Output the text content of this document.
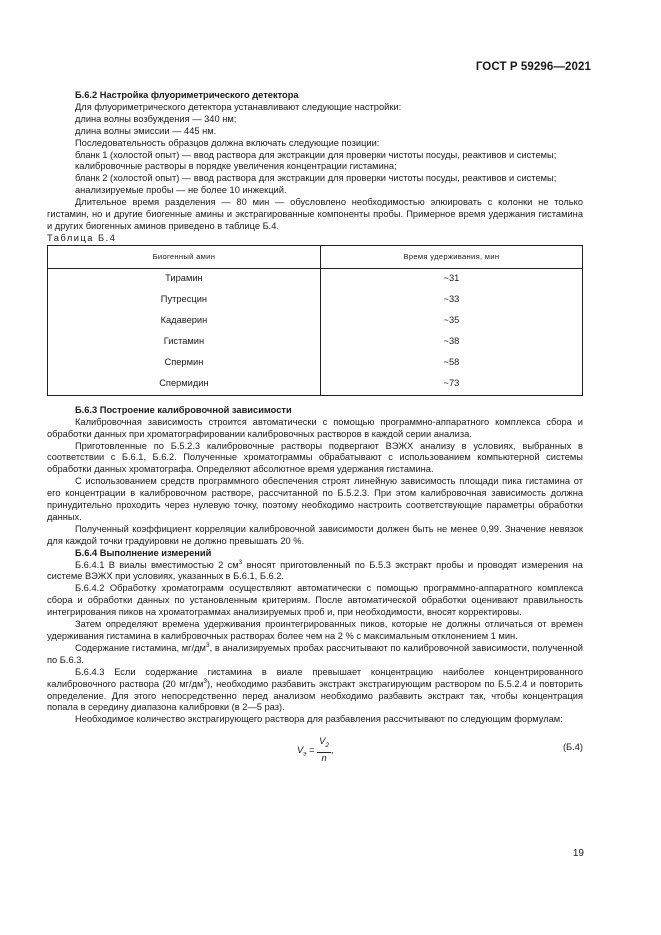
ГОСТ Р 59296—2021

Б.6.2 Настройка флуориметрического детектора

Для флуориметрического детектора устанавливают следующие настройки:

длина волны возбуждения — 340 нм;

длина волны эмиссии — 445 нм.

Последовательность образцов должна включать следующие позиции:

бланк 1 (холостой опыт) — ввод раствора для экстракции для проверки чистоты посуды, реактивов и системы;

калибровочные растворы в порядке увеличения концентрации гистамина;

бланк 2 (холостой опыт) — ввод раствора для экстракции для проверки чистоты посуды, реактивов и системы;

анализируемые пробы — не более 10 инжекций.

Длительное время разделения — 80 мин — обусловлено необходимостью элюировать с колонки не только гистамин, но и другие биогенные амины и экстрагированные компоненты пробы. Примерное время удержания гистамина и других биогенных аминов приведено в таблице Б.4.

Таблица Б.4

Биогенный амин	Время удерживания, мин
Тирамин	~31
Путресцин	~33
Кадаверин	~35
Гистамин	~38
Спермин	~58
Спермидин	~73

Б.6.3 Построение калибровочной зависимости

Калибровочная зависимость строится автоматически с помощью программно-аппаратного комплекса сбора и обработки данных при хроматографировании калибровочных растворов в каждой серии анализа.

Приготовленные по Б.5.2.3 калибровочные растворы подвергают ВЭЖХ анализу в условиях, выбранных в соответствии с Б.6.1, Б.6.2. Полученные хроматограммы обрабатывают с использованием компьютерной системы обработки данных хроматографа. Определяют абсолютное время удержания гистамина.

С использованием средств программного обеспечения строят линейную зависимость площади пика гистамина от его концентрации в калибровочном растворе, рассчитанной по Б.5.2.3. При этом калибровочная зависимость должна принудительно проходить через нулевую точку, поэтому необходимо настроить соответствующие параметры обработки данных.

Полученный коэффициент корреляции калибровочной зависимости должен быть не менее 0,99. Значение невязок для каждой точки градуировки не должно превышать 20 %.

Б.6.4 Выполнение измерений

Б.6.4.1 В виалы вместимостью 2 $см^3$ вносят приготовленный по Б.5.3 экстракт пробы и проводят измерения на системе ВЭЖХ при условиях, указанных в Б.6.1, Б.6.2.

Б.6.4.2 Обработку хроматограмм осуществляют автоматически с помощью программно-аппаратного комплекса сбора и обработки данных по установленным критериям. После автоматической обработки оценивают правильность интегрирования пиков на хроматограммах анализируемых проб и, при необходимости, вносят корректировы.

Затем определяют времена удерживания проинтегрированных пиков, которые не должны отличаться от времен удерживания гистамина в калибровочных растворах более чем на 2 % с максимальным отклонением 1 мин.

Содержание гистамина, $мг/дм^3$, в анализируемых пробах рассчитывают по калибровочной зависимости, полученной по Б.6.3.

Б.6.4.3 Если содержание гистамина в виале превышает концентрацию наиболее концентрированного калибровочного раствора (20 $мг/дм^3$), необходимо разбавить экстракт экстрагирующим раствором по Б.5.2.4 и повторить определение. Для этого непосредственно перед анализом необходимо разбавить экстракт так, чтобы концентрация попала в середину диапазона калибровки (в 2—5 раз).

Необходимое количество экстрагирующего раствора для разбавления рассчитывают по следующим формулам:

$V_э = \frac{V_2}{n}$ ,	(Б.4)
19
